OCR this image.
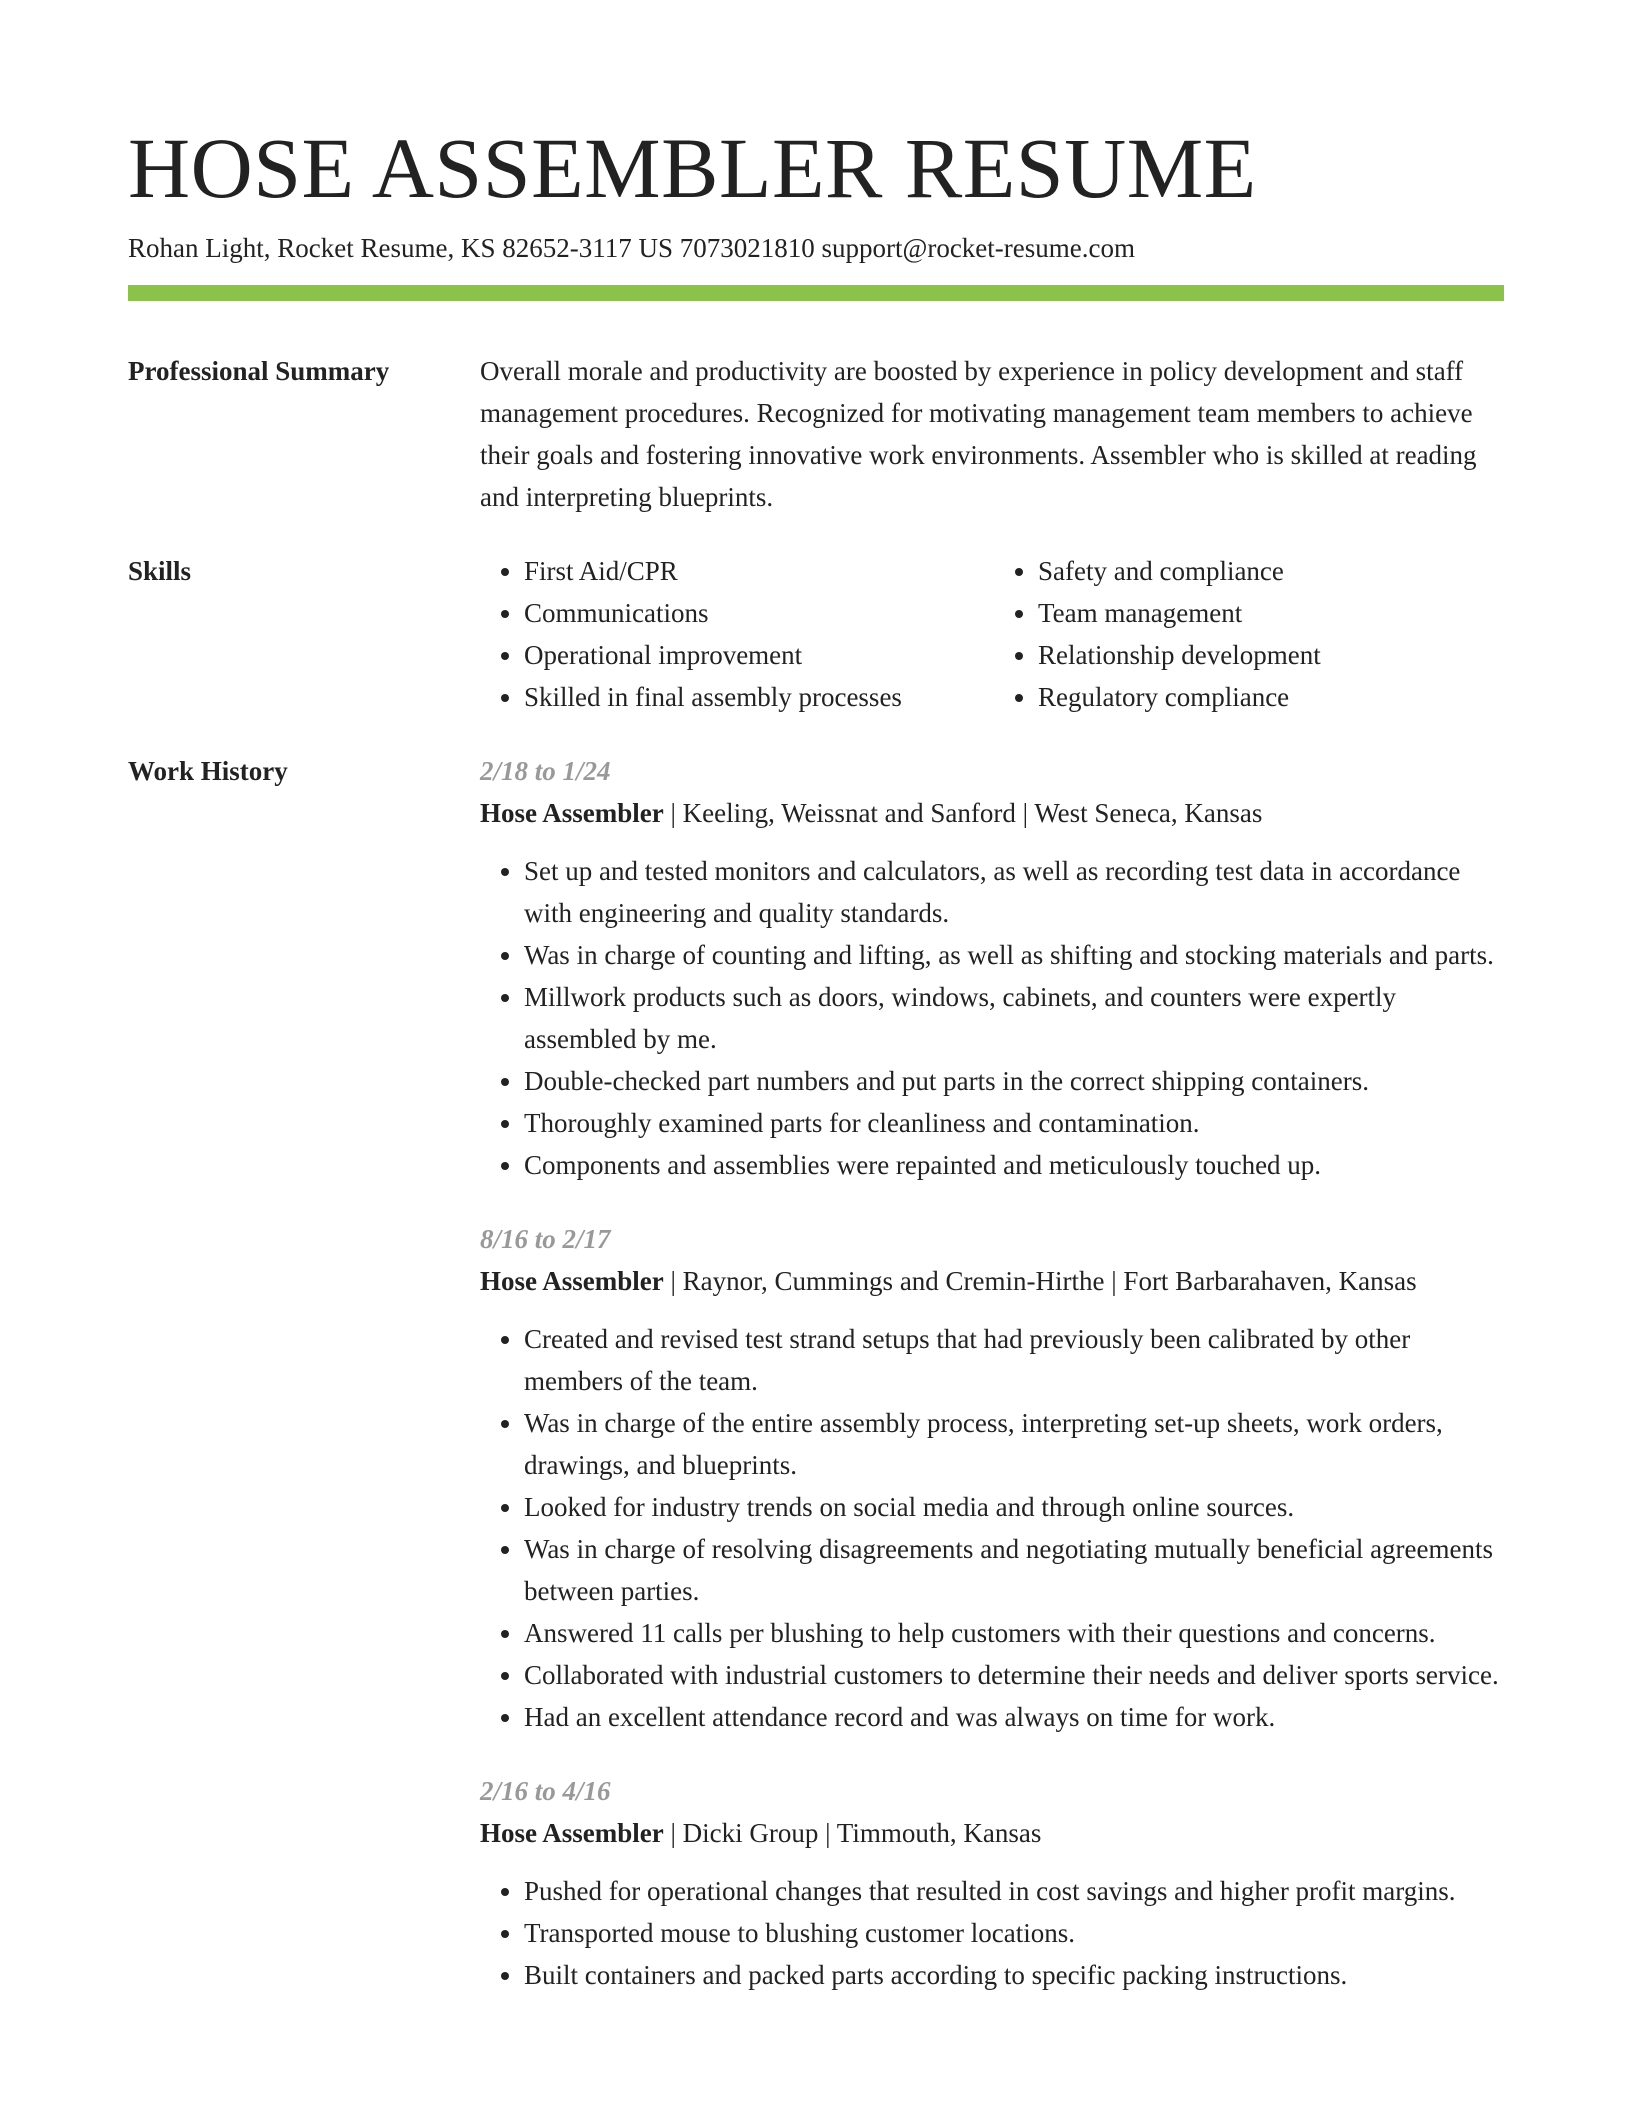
HOSE ASSEMBLER RESUME
Rohan Light, Rocket Resume, KS 82652-3117 US 7073021810 support@rocket-resume.com
Professional Summary	Overall morale and productivity are boosted by experience in policy development and staff management procedures. Recognized for motivating management team members to achieve their goals and fostering innovative work environments. Assembler who is skilled at reading and interpreting blueprints.
Skills
•	First Aid/CPR
• Communications
• Operational improvement
• Skilled in final assembly processes
• Safety and compliance
• Team management
• Relationship development
• Regulatory compliance
Work History	2/18 to 1/24
Hose Assembler | Keeling, Weissnat and Sanford | West Seneca, Kansas
• Set up and tested monitors and calculators, as well as recording test data in accordance with engineering and quality standards.
• Was in charge of counting and lifting, as well as shifting and stocking materials and parts.
• Millwork products such as doors, windows, cabinets, and counters were expertly assembled by me.
• Double-checked part numbers and put parts in the correct shipping containers.
• Thoroughly examined parts for cleanliness and contamination.
• Components and assemblies were repainted and meticulously touched up.
8/16 to 2/17
Hose Assembler | Raynor, Cummings and Cremin-Hirthe | Fort Barbarahaven, Kansas
• Created and revised test strand setups that had previously been calibrated by other members of the team.
• Was in charge of the entire assembly process, interpreting set-up sheets, work orders, drawings, and blueprints.
• Looked for industry trends on social media and through online sources.
• Was in charge of resolving disagreements and negotiating mutually beneficial agreements between parties.
• Answered 11 calls per blushing to help customers with their questions and concerns.
• Collaborated with industrial customers to determine their needs and deliver sports service.
• Had an excellent attendance record and was always on time for work.
2/16 to 4/16
Hose Assembler | Dicki Group | Timmouth, Kansas
• Pushed for operational changes that resulted in cost savings and higher profit margins.
• Transported mouse to blushing customer locations.
• Built containers and packed parts according to specific packing instructions.
